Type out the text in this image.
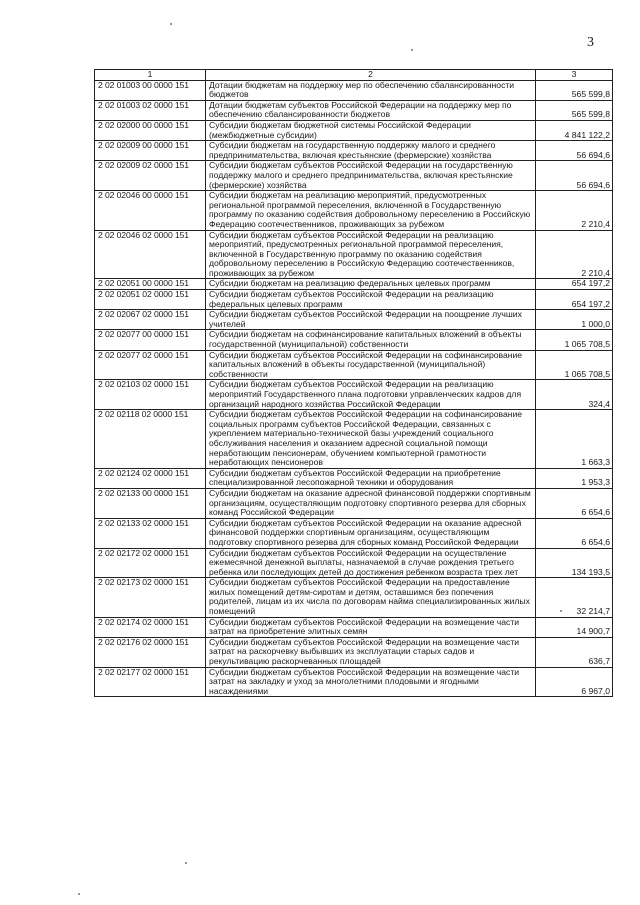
3
1	2	3
2 02 01003 00 0000 151	Дотации бюджетам на поддержку мер по обеспечению сбалансированности бюджетов	565 599,8
2 02 01003 02 0000 151	Дотации бюджетам субъектов Российской Федерации на поддержку мер по обеспечению сбалансированности бюджетов	565 599,8
2 02 02000 00 0000 151	Субсидии бюджетам бюджетной системы Российской Федерации (межбюджетные субсидии)	4 841 122,2
2 02 02009 00 0000 151	Субсидии бюджетам на государственную поддержку малого и среднего предпринимательства, включая крестьянские (фермерские) хозяйства	56 694,6
2 02 02009 02 0000 151	Субсидии бюджетам субъектов Российской Федерации на государственную поддержку малого и среднего предпринимательства, включая крестьянские (фермерские) хозяйства	56 694,6
2 02 02046 00 0000 151	Субсидии бюджетам на реализацию мероприятий, предусмотренных региональной программой переселения, включенной в Государственную программу по оказанию содействия добровольному переселению в Российскую Федерацию соотечественников, проживающих за рубежом	2 210,4
2 02 02046 02 0000 151	Субсидии бюджетам субъектов Российской Федерации на реализацию мероприятий, предусмотренных региональной программой переселения, включенной в Государственную программу по оказанию содействия добровольному переселению в Российскую Федерацию соотечественников, проживающих за рубежом	2 210,4
2 02 02051 00 0000 151	Субсидии бюджетам на реализацию федеральных целевых программ	654 197,2
2 02 02051 02 0000 151	Субсидии бюджетам субъектов Российской Федерации на реализацию федеральных целевых программ	654 197,2
2 02 02067 02 0000 151	Субсидии бюджетам субъектов Российской Федерации на поощрение лучших учителей	1 000,0
2 02 02077 00 0000 151	Субсидии бюджетам на софинансирование капитальных вложений в объекты государственной (муниципальной) собственности	1 065 708,5
2 02 02077 02 0000 151	Субсидии бюджетам субъектов Российской Федерации на софинансирование капитальных вложений в объекты государственной (муниципальной) собственности	1 065 708,5
2 02 02103 02 0000 151	Субсидии бюджетам субъектов Российской Федерации на реализацию мероприятий Государственного плана подготовки управленческих кадров для организаций народного хозяйства Российской Федерации	324,4
2 02 02118 02 0000 151	Субсидии бюджетам субъектов Российской Федерации на софинансирование социальных программ субъектов Российской Федерации, связанных с укреплением материально-технической базы учреждений социального обслуживания населения и оказанием адресной социальной помощи неработающим пенсионерам, обучением компьютерной грамотности неработающих пенсионеров	1 663,3
2 02 02124 02 0000 151	Субсидии бюджетам субъектов Российской Федерации на приобретение специализированной лесопожарной техники и оборудования	1 953,3
2 02 02133 00 0000 151	Субсидии бюджетам на оказание адресной финансовой поддержки спортивным организациям, осуществляющим подготовку спортивного резерва для сборных команд Российской Федерации	6 654,6
2 02 02133 02 0000 151	Субсидии бюджетам субъектов Российской Федерации на оказание адресной финансовой поддержки спортивным организациям, осуществляющим подготовку спортивного резерва для сборных команд Российской Федерации	6 654,6
2 02 02172 02 0000 151	Субсидии бюджетам субъектов Российской Федерации на осуществление ежемесячной денежной выплаты, назначаемой в случае рождения третьего ребенка или последующих детей до достижения ребенком возраста трех лет	134 193,5
2 02 02173 02 0000 151	Субсидии бюджетам субъектов Российской Федерации на предоставление жилых помещений детям-сиротам и детям, оставшимся без попечения родителей, лицам из их числа по договорам найма специализированных жилых помещений	32 214,7
2 02 02174 02 0000 151	Субсидии бюджетам субъектов Российской Федерации на возмещение части затрат на приобретение элитных семян	14 900,7
2 02 02176 02 0000 151	Субсидии бюджетам субъектов Российской Федерации на возмещение части затрат на раскорчевку выбывших из эксплуатации старых садов и рекультивацию раскорчеванных площадей	636,7
2 02 02177 02 0000 151	Субсидии бюджетам субъектов Российской Федерации на возмещение части затрат на закладку и уход за многолетними плодовыми и ягодными насаждениями	6 967,0
